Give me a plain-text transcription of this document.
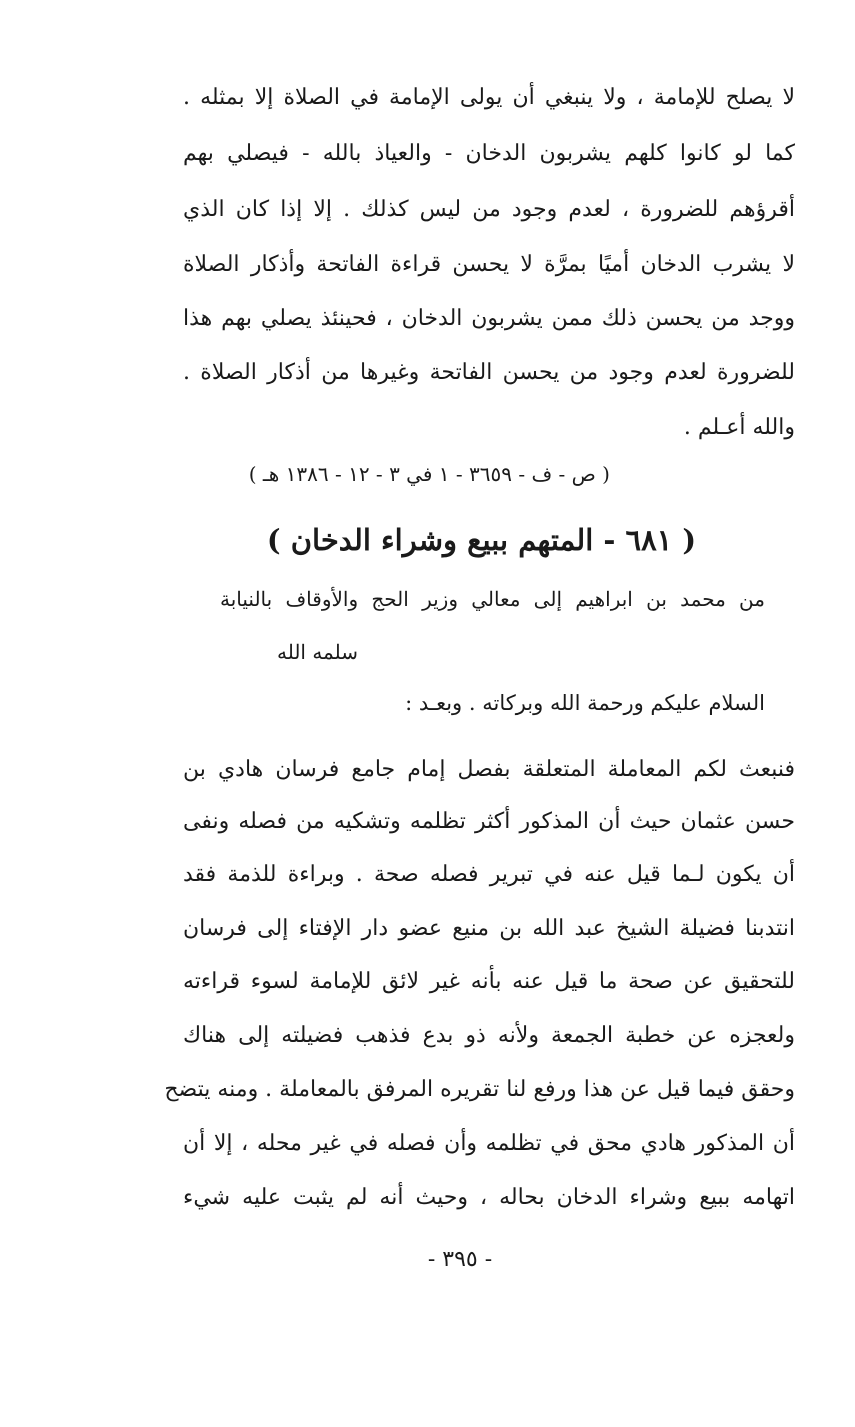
لا يصلح للإمامة ، ولا ينبغي أن يولى الإمامة في الصلاة إلا بمثله .
كما لو كانوا كلهم يشربون الدخان - والعياذ بالله - فيصلي بهم
أقرؤهم للضرورة ، لعدم وجود من ليس كذلك . إلا إذا كان الذي
لا يشرب الدخان أميًا بمرَّة لا يحسن قراءة الفاتحة وأذكار الصلاة
ووجد من يحسن ذلك ممن يشربون الدخان ، فحينئذ يصلي بهم هذا
للضرورة لعدم وجود من يحسن الفاتحة وغيرها من أذكار الصلاة .
والله أعـلم .
( ص - ف - ٣٦٥٩ - ١ في ٣ - ١٢ - ١٣٨٦ هـ )
( ٦٨١ - المتهم ببيع وشراء الدخان )
من محمد بن ابراهيم إلى معالي وزير الحج والأوقاف بالنيابة
سلمه الله
السلام عليكم ورحمة الله وبركاته . وبعـد :
فنبعث لكم المعاملة المتعلقة بفصل إمام جامع فرسان هادي بن
حسن عثمان حيث أن المذكور أكثر تظلمه وتشكيه من فصله ونفى
أن يكون لـما قيل عنه في تبرير فصله صحة . وبراءة للذمة فقد
انتدبنا فضيلة الشيخ عبد الله بن منيع عضو دار الإفتاء إلى فرسان
للتحقيق عن صحة ما قيل عنه بأنه غير لائق للإمامة لسوء قراءته
ولعجزه عن خطبة الجمعة ولأنه ذو بدع فذهب فضيلته إلى هناك
وحقق فيما قيل عن هذا ورفع لنا تقريره المرفق بالمعاملة . ومنه يتضح
أن المذكور هادي محق في تظلمه وأن فصله في غير محله ، إلا أن
اتهامه ببيع وشراء الدخان بحاله ، وحيث أنه لم يثبت عليه شيء
- ٣٩٥ -
